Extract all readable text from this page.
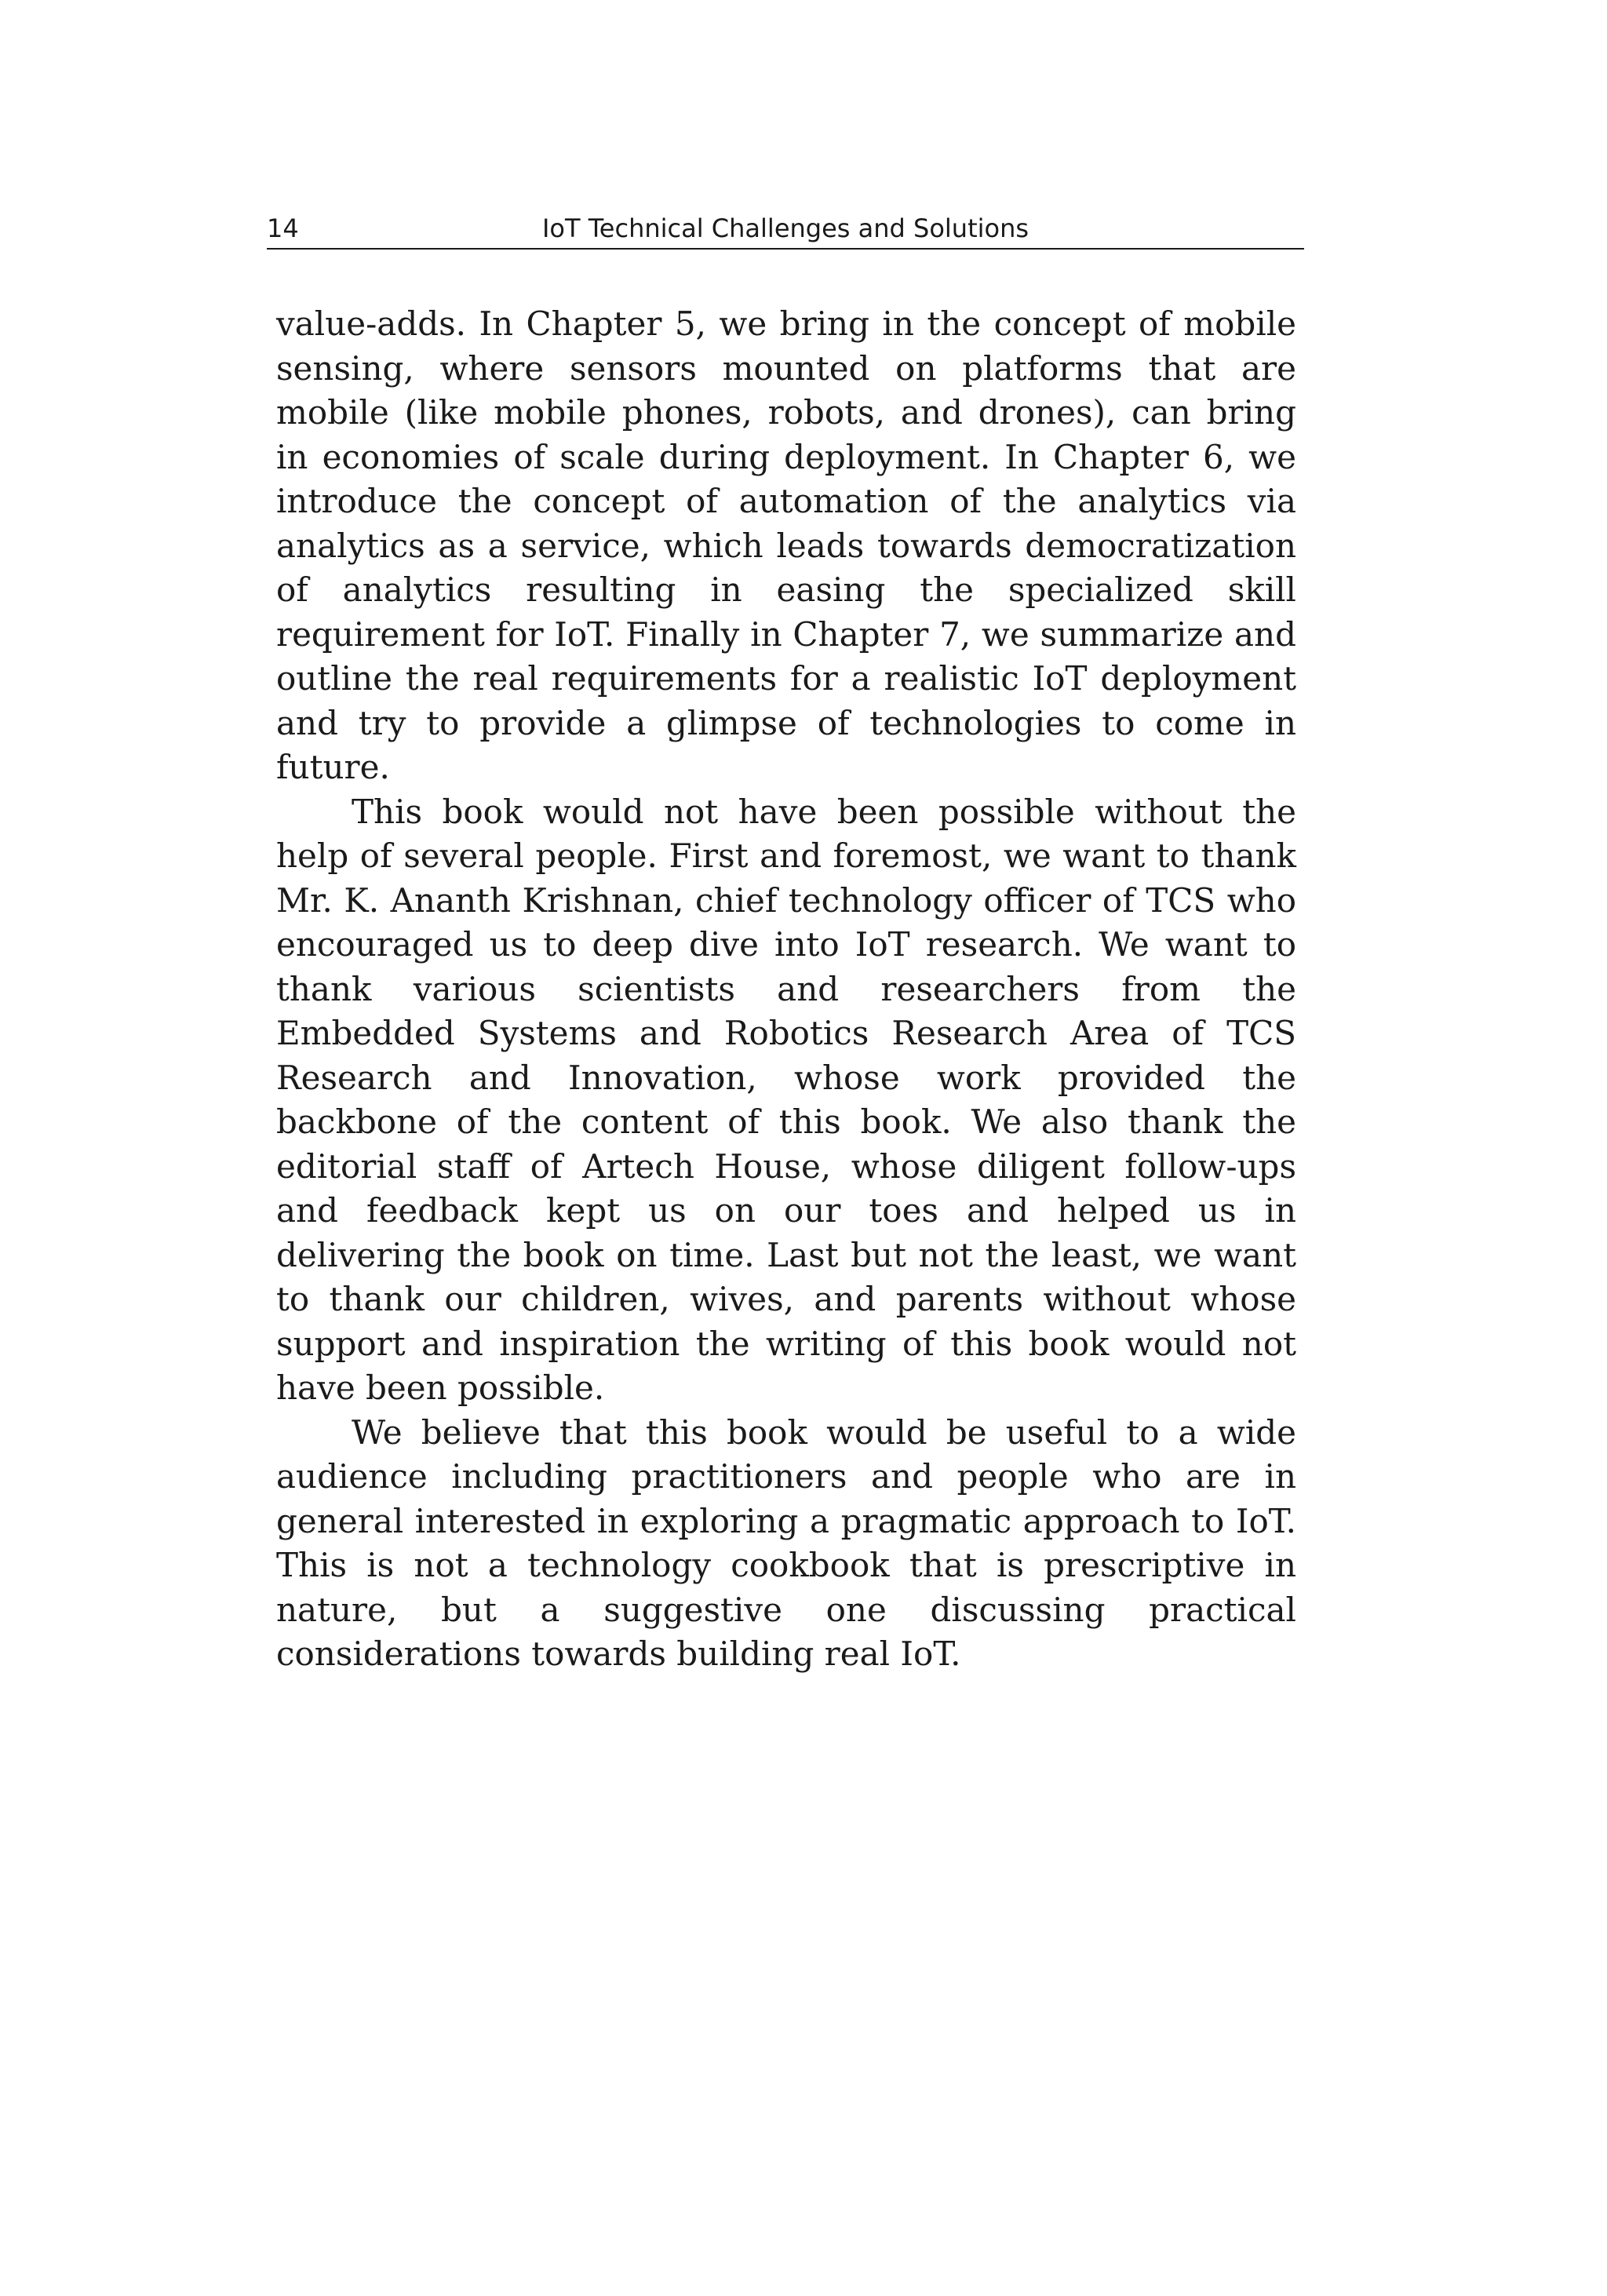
14	IoT Technical Challenges and Solutions

value-adds. In Chapter 5, we bring in the concept of mobile sensing, where sensors mounted on platforms that are mobile (like mobile phones, robots, and drones), can bring in economies of scale during deployment. In Chapter 6, we introduce the concept of automation of the analytics via analytics as a service, which leads towards democratization of analytics resulting in easing the specialized skill requirement for IoT. Finally in Chapter 7, we summarize and outline the real requirements for a realistic IoT deployment and try to provide a glimpse of technologies to come in future.

This book would not have been possible without the help of several people. First and foremost, we want to thank Mr. K. Ananth Krishnan, chief technology officer of TCS who encouraged us to deep dive into IoT research. We want to thank various scientists and researchers from the Embedded Systems and Robotics Research Area of TCS Research and Innovation, whose work provided the backbone of the content of this book. We also thank the editorial staff of Artech House, whose diligent follow-ups and feedback kept us on our toes and helped us in delivering the book on time. Last but not the least, we want to thank our children, wives, and parents without whose support and inspiration the writing of this book would not have been possible.

We believe that this book would be useful to a wide audience including practitioners and people who are in general interested in exploring a pragmatic approach to IoT. This is not a technology cookbook that is prescriptive in nature, but a suggestive one discussing practical considerations towards building real IoT.
